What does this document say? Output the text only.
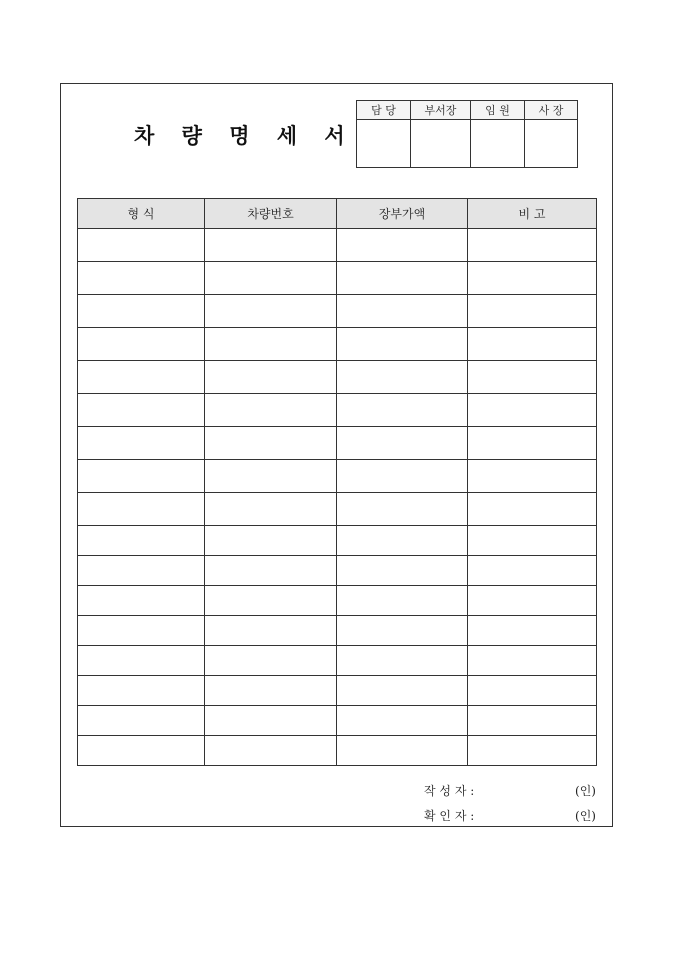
차 량 명 세 서
담 당	부서장	임 원	사 장

형 식	차량번호	장부가액	비 고

작 성 자 :	(인)
확 인 자 :	(인)
